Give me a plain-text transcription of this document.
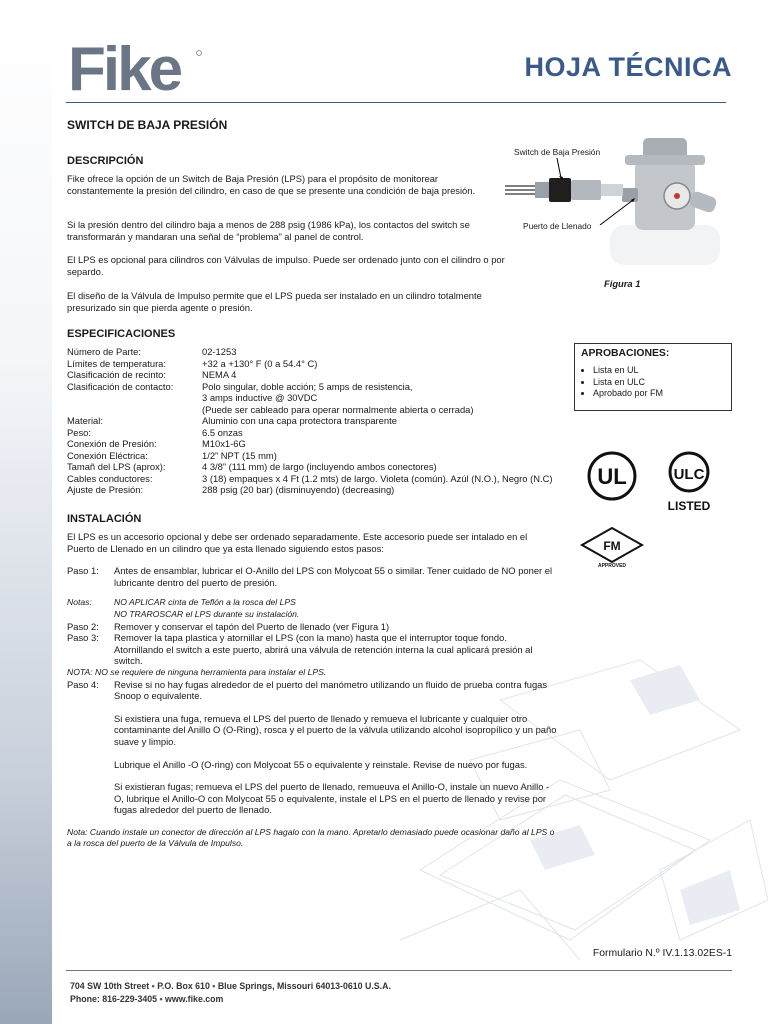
Fike	HOJA TÉCNICA
SWITCH DE BAJA PRESIÓN
DESCRIPCIÓN

Fike ofrece la opción de un Switch de Baja Presión (LPS) para el propósito de monitorear constantemente la presión del cilindro, en caso de que se presente una condición de baja presión.

Si la presión dentro del cilindro baja a menos de 288 psig (1986 kPa), los contactos del switch se transformarán y mandaran una señal de “problema” al panel de control.

El LPS es opcional para cilindros con Válvulas de impulso. Puede ser ordenado junto con el cilindro o por separdo.

El diseño de la Válvula de Impulso permite que el LPS pueda ser instalado en un cilindro totalmente presurizado sin que pierda agente o presión.

Switch de Baja Presión
Puerto de Llenado
Figura 1
ESPECIFICACIONES
Número de Parte:	02-1253
Límites de temperatura:	+32 a +130° F (0 a 54.4° C)
Clasificación de recinto:	NEMA 4
Clasificación de contacto:	Polo singular, doble acción; 5 amps de resistencia,
3 amps inductive @ 30VDC
(Puede ser cableado para operar normalmente abierta o cerrada)

Material:	Aluminio con una capa protectora transparente
Peso:	6.5 onzas
Conexión de Presión:	M10x1-6G
Conexión Eléctrica:	1/2” NPT (15 mm)
Tamañ del LPS (aprox):	4 3/8” (111 mm) de largo (incluyendo ambos conectores)
Cables conductores:	3 (18) empaques x 4 Ft (1.2 mts) de largo. Violeta (común). Azúl (N.O.), Negro (N.C)
Ajuste de Presión:	288 psig (20 bar) (disminuyendo) (decreasing)
APROBACIONES:
• Lista en UL
• Lista en ULC
• Aprobado por FM
UL	ULC
LISTED
FM
APPROVED
INSTALACIÓN

El LPS es un accesorio opcional y debe ser ordenado separadamente. Este accesorio puede ser intalado en el Puerto de Llenado en un cilindro que ya esta llenado siguiendo estos pasos:

Paso 1:	Antes de ensamblar, lubricar el O-Anillo del LPS con Molycoat 55 o similar. Tener cuidado de NO poner el lubricante dentro del puerto de presión.
Notas:	NO APLICAR cinta de Teflón a la rosca del LPS
NO TRAROSCAR el LPS durante su instalación.
Paso 2:	Remover y conservar el tapón del Puerto de llenado (ver Figura 1)
Paso 3:	Remover la tapa plastica y atornillar el LPS (con la mano) hasta que el interruptor toque fondo. Atornillando el switch a este puerto, abrirá una válvula de retención interna la cual aplicará presión al switch.

NOTA: NO se requiere de ninguna herramienta para instalar el LPS.

Paso 4:	Revise si no hay fugas alrededor de el puerto del manómetro utilizando un fluido de prueba contra fugas Snoop o equivalente.
Si existiera una fuga, remueva el LPS del puerto de llenado y remueva el lubricante y cualquier otro contaminante del Anillo O (O-Ring), rosca y el puerto de la válvula utilizando alcohol isopropílico y un paño suave y limpio.
Lubrique el Anillo -O (O-ring) con Molycoat 55 o equivalente y reinstale. Revise de nuevo por fugas.
Si existieran fugas; remueva el LPS del puerto de llenado, remueuva el Anillo-O, instale un nuevo Anillo -O, lubrique el Anillo-O con Molycoat 55 o equivalente, instale el LPS en el puerto de llenado y revise por fugas alrededor del puerto de llenado.

Nota: Cuando instale un conector de dirección al LPS hagalo con la mano. Apretarlo demasiado puede ocasionar daño al LPS o a la rosca del puerto de la Válvula de Impulso.

Formulario N.º IV.1.13.02ES-1
704 SW 10th Street • P.O. Box 610 • Blue Springs, Missouri 64013-0610 U.S.A.
Phone: 816-229-3405 • www.fike.com
